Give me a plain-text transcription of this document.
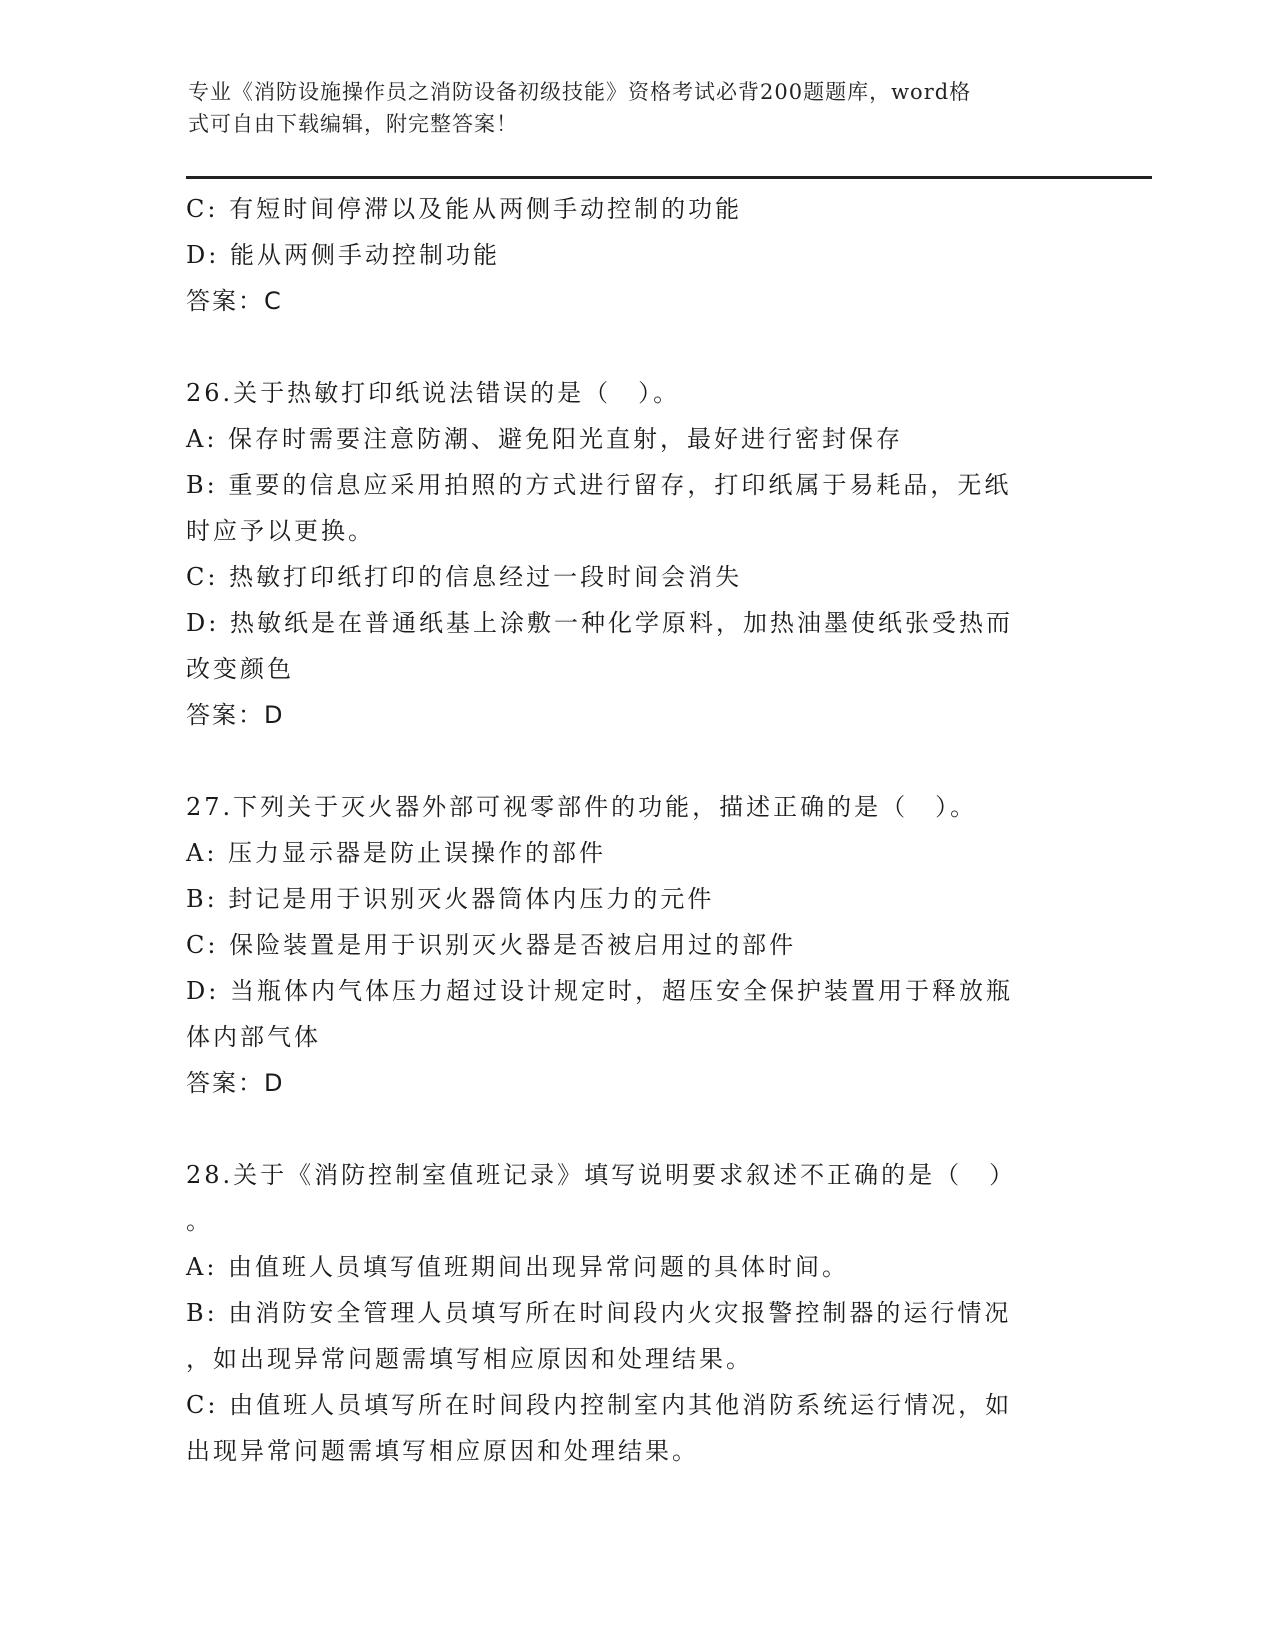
专业《消防设施操作员之消防设备初级技能》资格考试必背200题题库，word格
式可自由下载编辑，附完整答案！
C: 有短时间停滞以及能从两侧手动控制的功能
D: 能从两侧手动控制功能
答案：C
26.关于热敏打印纸说法错误的是（　）。
A: 保存时需要注意防潮、避免阳光直射，最好进行密封保存
B: 重要的信息应采用拍照的方式进行留存，打印纸属于易耗品，无纸
时应予以更换。
C: 热敏打印纸打印的信息经过一段时间会消失
D: 热敏纸是在普通纸基上涂敷一种化学原料，加热油墨使纸张受热而
改变颜色
答案：D
27.下列关于灭火器外部可视零部件的功能，描述正确的是（　）。
A: 压力显示器是防止误操作的部件
B: 封记是用于识别灭火器筒体内压力的元件
C: 保险装置是用于识别灭火器是否被启用过的部件
D: 当瓶体内气体压力超过设计规定时，超压安全保护装置用于释放瓶
体内部气体
答案：D
28.关于《消防控制室值班记录》填写说明要求叙述不正确的是（　）
。
A: 由值班人员填写值班期间出现异常问题的具体时间。
B: 由消防安全管理人员填写所在时间段内火灾报警控制器的运行情况
，如出现异常问题需填写相应原因和处理结果。
C: 由值班人员填写所在时间段内控制室内其他消防系统运行情况，如
出现异常问题需填写相应原因和处理结果。
